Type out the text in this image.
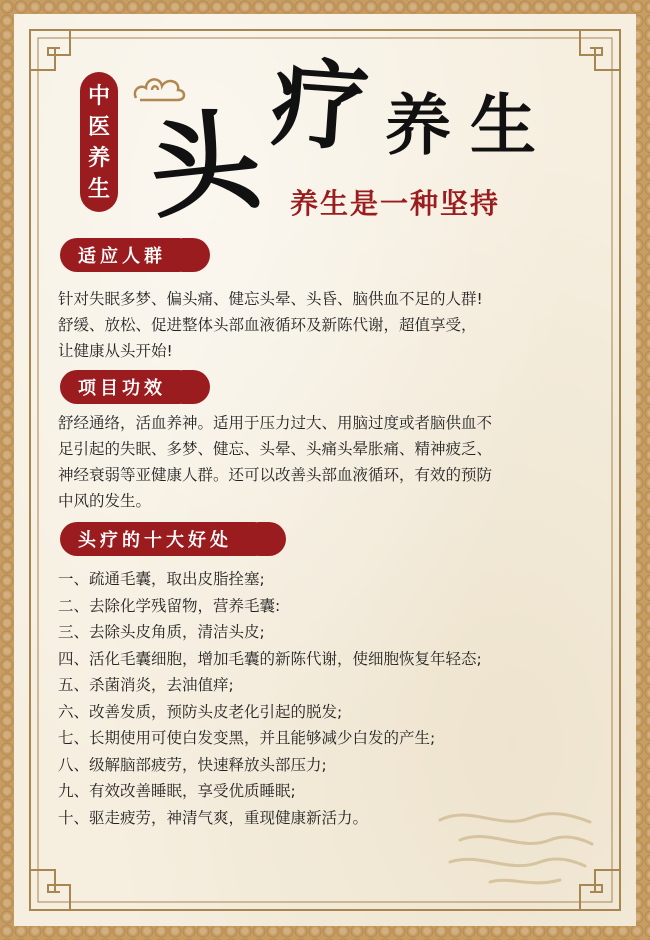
中
医
养
生 头 疗 养 生
养生是一种坚持
适应人群
针对失眠多梦、偏头痛、健忘头晕、头昏、脑供血不足的人群!
舒缓、放松、促进整体头部血液循环及新陈代谢，超值享受，
让健康从头开始!
项目功效
舒经通络，活血养神。适用于压力过大、用脑过度或者脑供血不
足引起的失眠、多梦、健忘、头晕、头痛头晕胀痛、精神疲乏、
神经衰弱等亚健康人群。还可以改善头部血液循环，有效的预防
中风的发生。
头疗的十大好处
一、疏通毛囊，取出皮脂拴塞;
二、去除化学残留物，营养毛囊:
三、去除头皮角质，清洁头皮;
四、活化毛囊细胞，增加毛囊的新陈代谢，使细胞恢复年轻态;
五、杀菌消炎，去油值痒;
六、改善发质，预防头皮老化引起的脱发;
七、长期使用可使白发变黑，并且能够减少白发的产生;
八、级解脑部疲劳，快速释放头部压力;
九、有效改善睡眠，享受优质睡眠;
十、驱走疲劳，神清气爽，重现健康新活力。
